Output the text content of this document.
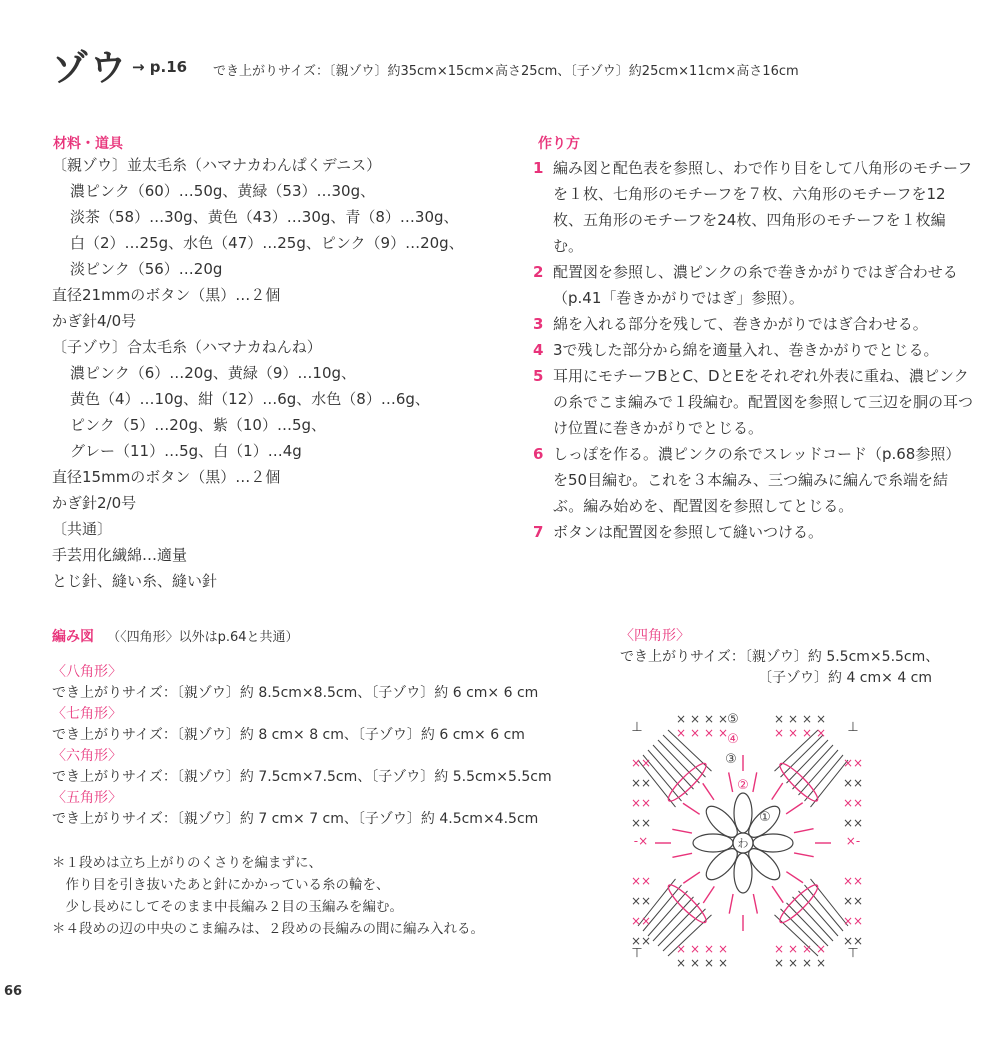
ゾウ → p.16 でき上がりサイズ：〔親ゾウ〕約35cm×15cm×高さ25cm、〔子ゾウ〕約25cm×11cm×高さ16cm
材料・道具
〔親ゾウ〕並太毛糸（ハマナカわんぱくデニス）
濃ピンク（60）…50g、黄緑（53）…30g、
淡茶（58）…30g、黄色（43）…30g、青（8）…30g、
白（2）…25g、水色（47）…25g、ピンク（9）…20g、
淡ピンク（56）…20g
直径21mmのボタン（黒）…２個
かぎ針4/0号
〔子ゾウ〕合太毛糸（ハマナカねんね）
濃ピンク（6）…20g、黄緑（9）…10g、
黄色（4）…10g、紺（12）…6g、水色（8）…6g、
ピンク（5）…20g、紫（10）…5g、
グレー（11）…5g、白（1）…4g
直径15mmのボタン（黒）…２個
かぎ針2/0号
〔共通〕
手芸用化繊綿…適量
とじ針、縫い糸、縫い針
作り方
1 編み図と配色表を参照し、わで作り目をして八角形のモチーフを１枚、七角形のモチーフを７枚、六角形のモチーフを12枚、五角形のモチーフを24枚、四角形のモチーフを１枚編む。
2 配置図を参照し、濃ピンクの糸で巻きかがりではぎ合わせる（p.41「巻きかがりではぎ」参照）。
3 綿を入れる部分を残して、巻きかがりではぎ合わせる。
4 3で残した部分から綿を適量入れ、巻きかがりでとじる。
5 耳用にモチーフBとC、DとEをそれぞれ外表に重ね、濃ピンクの糸でこま編みで１段編む。配置図を参照して三辺を胴の耳つけ位置に巻きかがりでとじる。
6 しっぽを作る。濃ピンクの糸でスレッドコード（p.68参照）を50目編む。これを３本編み、三つ編みに編んで糸端を結ぶ。編み始めを、配置図を参照してとじる。
7 ボタンは配置図を参照して縫いつける。
編み図 （〈四角形〉以外はp.64と共通）
〈八角形〉
でき上がりサイズ：〔親ゾウ〕約 8.5cm×8.5cm、〔子ゾウ〕約 6 cm× 6 cm
〈七角形〉
でき上がりサイズ：〔親ゾウ〕約 8 cm× 8 cm、〔子ゾウ〕約 6 cm× 6 cm
〈六角形〉
でき上がりサイズ：〔親ゾウ〕約 7.5cm×7.5cm、〔子ゾウ〕約 5.5cm×5.5cm
〈五角形〉
でき上がりサイズ：〔親ゾウ〕約 7 cm× 7 cm、〔子ゾウ〕約 4.5cm×4.5cm
＊１段めは立ち上がりのくさりを編まずに、
　作り目を引き抜いたあと針にかかっている糸の輪を、
　少し長めにしてそのまま中長編み２目の玉編みを編む。
＊４段めの辺の中央のこま編みは、２段めの長編みの間に編み入れる。
〈四角形〉
でき上がりサイズ：〔親ゾウ〕約 5.5cm×5.5cm、
〔子ゾウ〕約 4 cm× 4 cm
××	××
××	××
××	××
××	××
××	××
××	××
××	××
××	××
×
×
×
×
×
×
×
×
×
×
×
×
×
×
×
×
×
×
×
×
×
×
×
×
×
×
×
×
×
×
×
×
-×	×-
⊥	⊥
⊤	⊤
わ
①
②
③
④
⑤
66
